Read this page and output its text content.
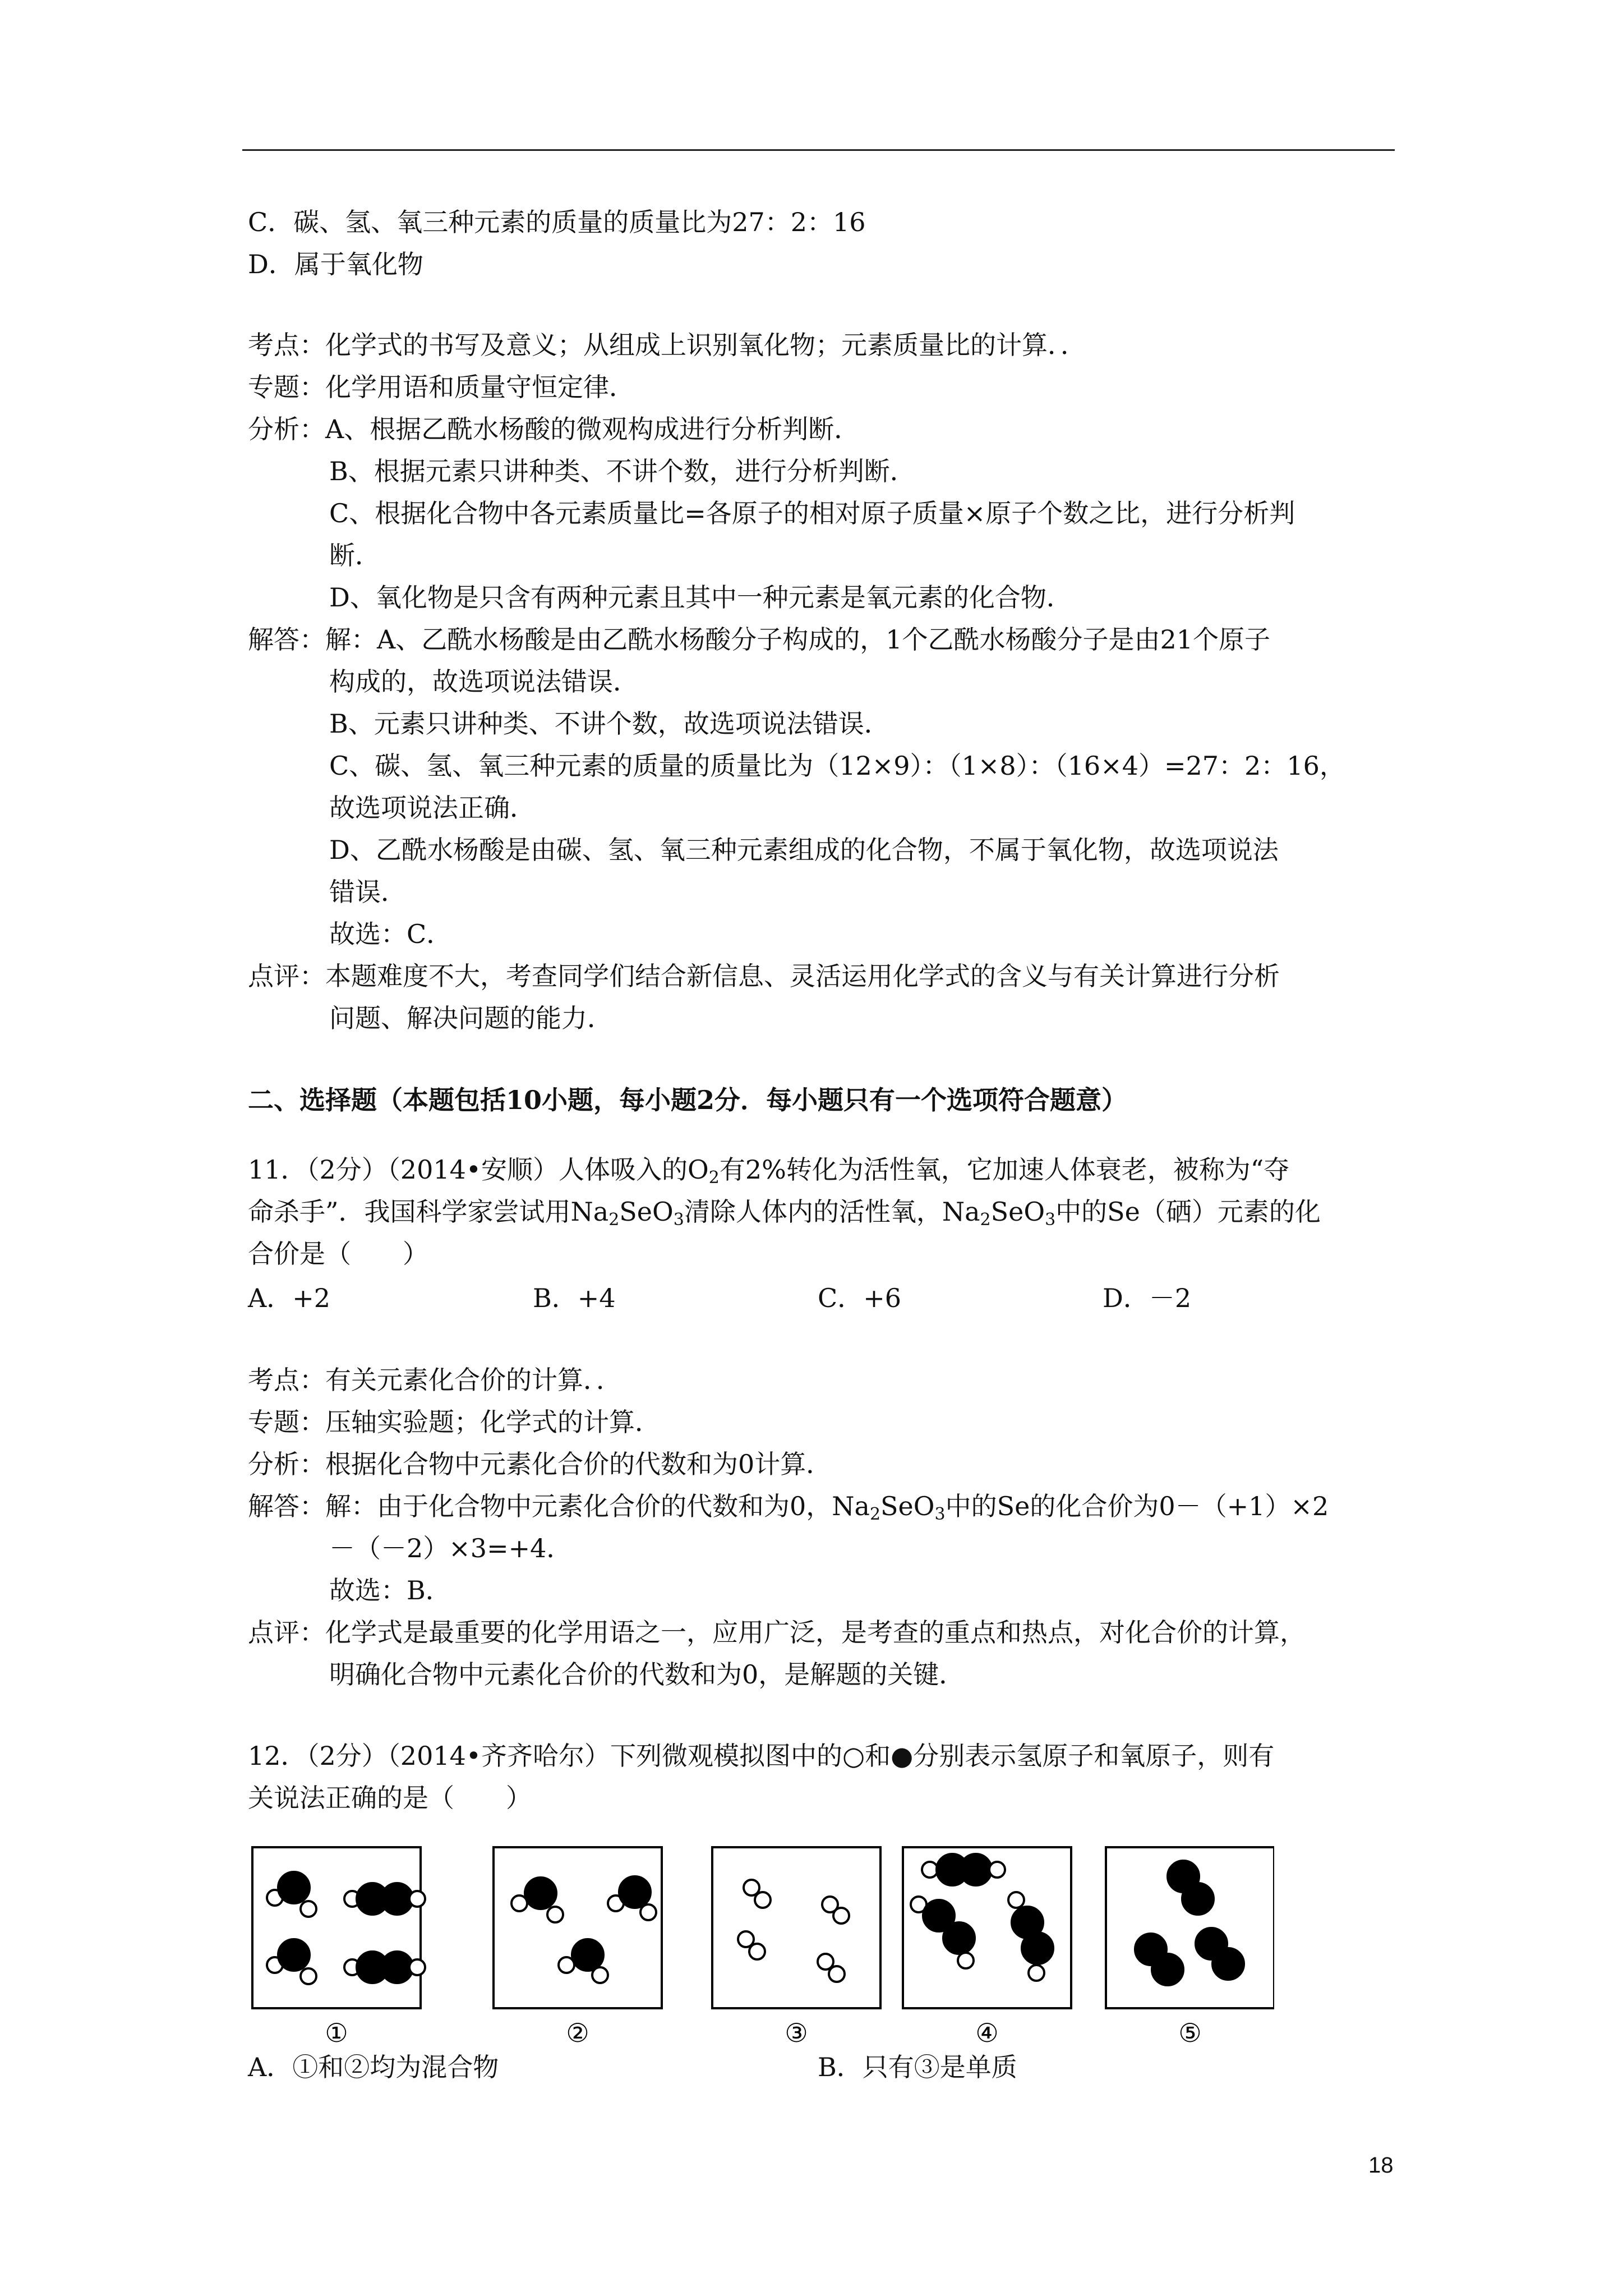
C．碳、氢、氧三种元素的质量的质量比为27：2：16
D．属于氧化物
考点：化学式的书写及意义；从组成上识别氧化物；元素质量比的计算．．
专题：化学用语和质量守恒定律．
分析：A、根据乙酰水杨酸的微观构成进行分析判断．
B、根据元素只讲种类、不讲个数，进行分析判断．
C、根据化合物中各元素质量比=各原子的相对原子质量×原子个数之比，进行分析判
断．
D、氧化物是只含有两种元素且其中一种元素是氧元素的化合物．
解答：解：A、乙酰水杨酸是由乙酰水杨酸分子构成的，1个乙酰水杨酸分子是由21个原子
构成的，故选项说法错误．
B、元素只讲种类、不讲个数，故选项说法错误．
C、碳、氢、氧三种元素的质量的质量比为（12×9）：（1×8）：（16×4）=27：2：16，
故选项说法正确．
D、乙酰水杨酸是由碳、氢、氧三种元素组成的化合物，不属于氧化物，故选项说法
错误．
故选：C．
点评：本题难度不大，考查同学们结合新信息、灵活运用化学式的含义与有关计算进行分析
问题、解决问题的能力．
二、选择题（本题包括10小题，每小题2分．每小题只有一个选项符合题意）
11．（2分）（2014•安顺）人体吸入的$O_2$有2%转化为活性氧，它加速人体衰老，被称为“夺
命杀手”．我国科学家尝试用$Na_2SeO_3$清除人体内的活性氧，$Na_2SeO_3$中的Se（硒）元素的化
合价是（　　）
A．+2	B．+4	C．+6	D．－2
考点：有关元素化合价的计算．．
专题：压轴实验题；化学式的计算．
分析：根据化合物中元素化合价的代数和为0计算．
解答：解：由于化合物中元素化合价的代数和为0，$Na_2SeO_3$中的Se的化合价为0－（+1）×2
－（－2）×3=+4．
故选：B．
点评：化学式是最重要的化学用语之一，应用广泛，是考查的重点和热点，对化合价的计算，
明确化合物中元素化合价的代数和为0，是解题的关键．
12．（2分）（2014•齐齐哈尔）下列微观模拟图中的○和●分别表示氢原子和氧原子，则有
关说法正确的是（　　）
①	②	③	④	⑤
A．①和②均为混合物	B．只有③是单质
18
